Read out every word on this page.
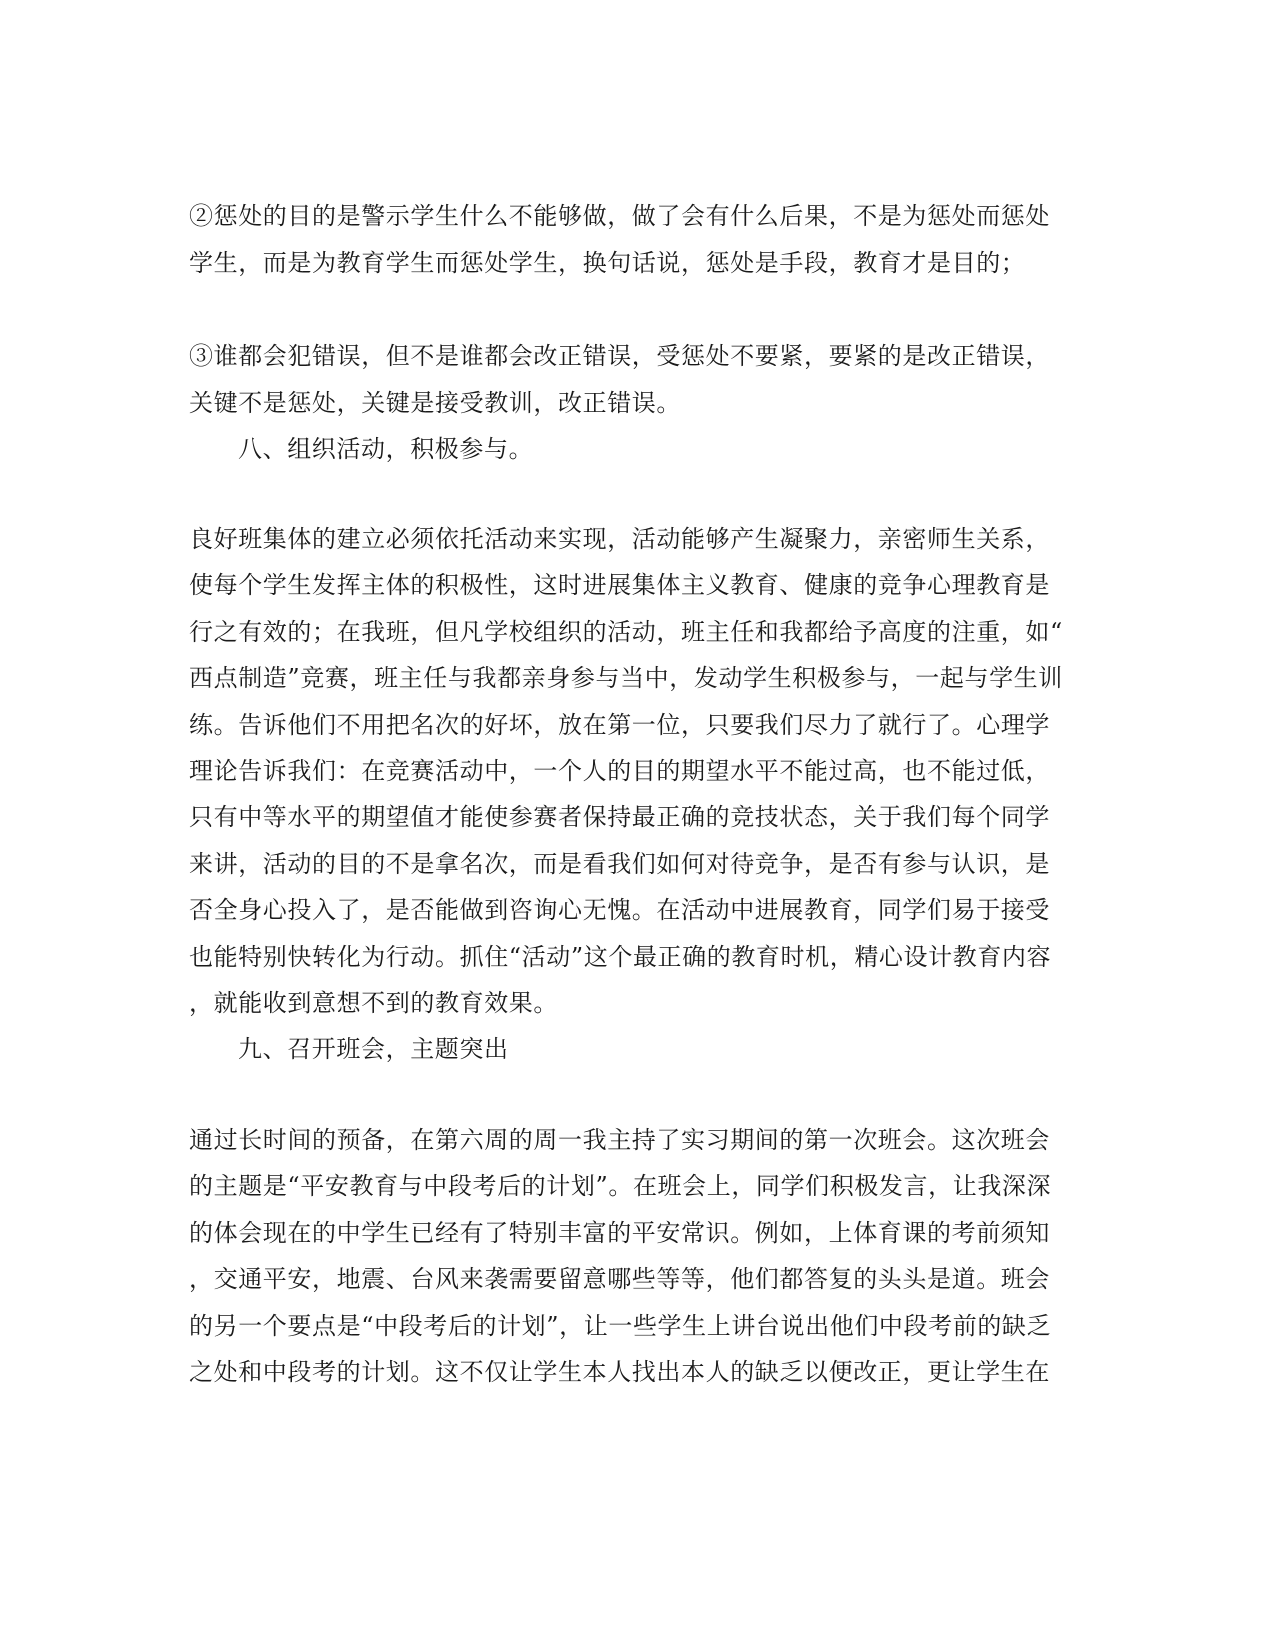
②惩处的目的是警示学生什么不能够做，做了会有什么后果，不是为惩处而惩处
学生，而是为教育学生而惩处学生，换句话说，惩处是手段，教育才是目的；
③谁都会犯错误，但不是谁都会改正错误，受惩处不要紧，要紧的是改正错误，
关键不是惩处，关键是接受教训，改正错误。
八、组织活动，积极参与。
良好班集体的建立必须依托活动来实现，活动能够产生凝聚力，亲密师生关系，
使每个学生发挥主体的积极性，这时进展集体主义教育、健康的竞争心理教育是
行之有效的；在我班，但凡学校组织的活动，班主任和我都给予高度的注重，如“
西点制造”竞赛，班主任与我都亲身参与当中，发动学生积极参与，一起与学生训
练。告诉他们不用把名次的好坏，放在第一位，只要我们尽力了就行了。心理学
理论告诉我们：在竞赛活动中，一个人的目的期望水平不能过高，也不能过低，
只有中等水平的期望值才能使参赛者保持最正确的竞技状态，关于我们每个同学
来讲，活动的目的不是拿名次，而是看我们如何对待竞争，是否有参与认识，是
否全身心投入了，是否能做到咨询心无愧。在活动中进展教育，同学们易于接受
也能特别快转化为行动。抓住“活动”这个最正确的教育时机，精心设计教育内容
，就能收到意想不到的教育效果。
九、召开班会，主题突出
通过长时间的预备，在第六周的周一我主持了实习期间的第一次班会。这次班会
的主题是“平安教育与中段考后的计划”。在班会上，同学们积极发言，让我深深
的体会现在的中学生已经有了特别丰富的平安常识。例如，上体育课的考前须知
，交通平安，地震、台风来袭需要留意哪些等等，他们都答复的头头是道。班会
的另一个要点是“中段考后的计划”，让一些学生上讲台说出他们中段考前的缺乏
之处和中段考的计划。这不仅让学生本人找出本人的缺乏以便改正，更让学生在
